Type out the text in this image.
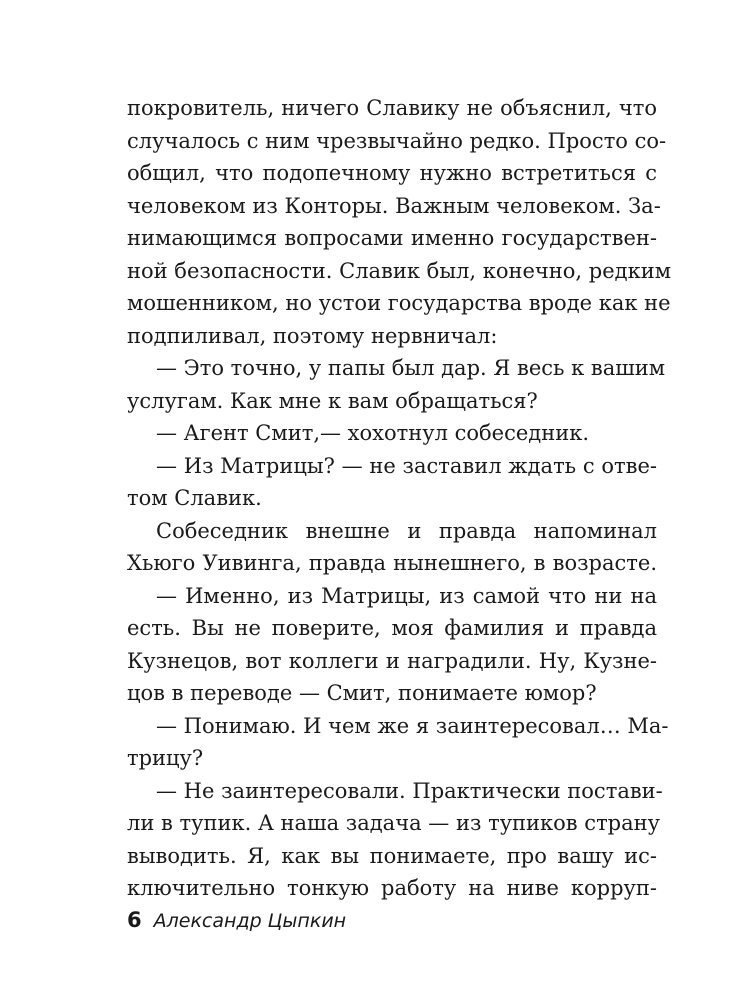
покровитель, ничего Славику не объяснил, что
случалось с ним чрезвычайно редко. Просто со-
общил, что подопечному нужно встретиться с
человеком из Конторы. Важным человеком. За-
нимающимся вопросами именно государствен-
ной безопасности. Славик был, конечно, редким
мошенником, но устои государства вроде как не
подпиливал, поэтому нервничал:
— Это точно, у папы был дар. Я весь к вашим
услугам. Как мне к вам обращаться?
— Агент Смит,— хохотнул собеседник.
— Из Матрицы? — не заставил ждать с отве-
том Славик.
Собеседник внешне и правда напоминал
Хьюго Уивинга, правда нынешнего, в возрасте.
— Именно, из Матрицы, из самой что ни на
есть. Вы не поверите, моя фамилия и правда
Кузнецов, вот коллеги и наградили. Ну, Кузне-
цов в переводе — Смит, понимаете юмор?
— Понимаю. И чем же я заинтересовал… Ма-
трицу?
— Не заинтересовали. Практически постави-
ли в тупик. А наша задача — из тупиков страну
выводить. Я, как вы понимаете, про вашу ис-
ключительно тонкую работу на ниве корруп-
6 Александр Цыпкин
